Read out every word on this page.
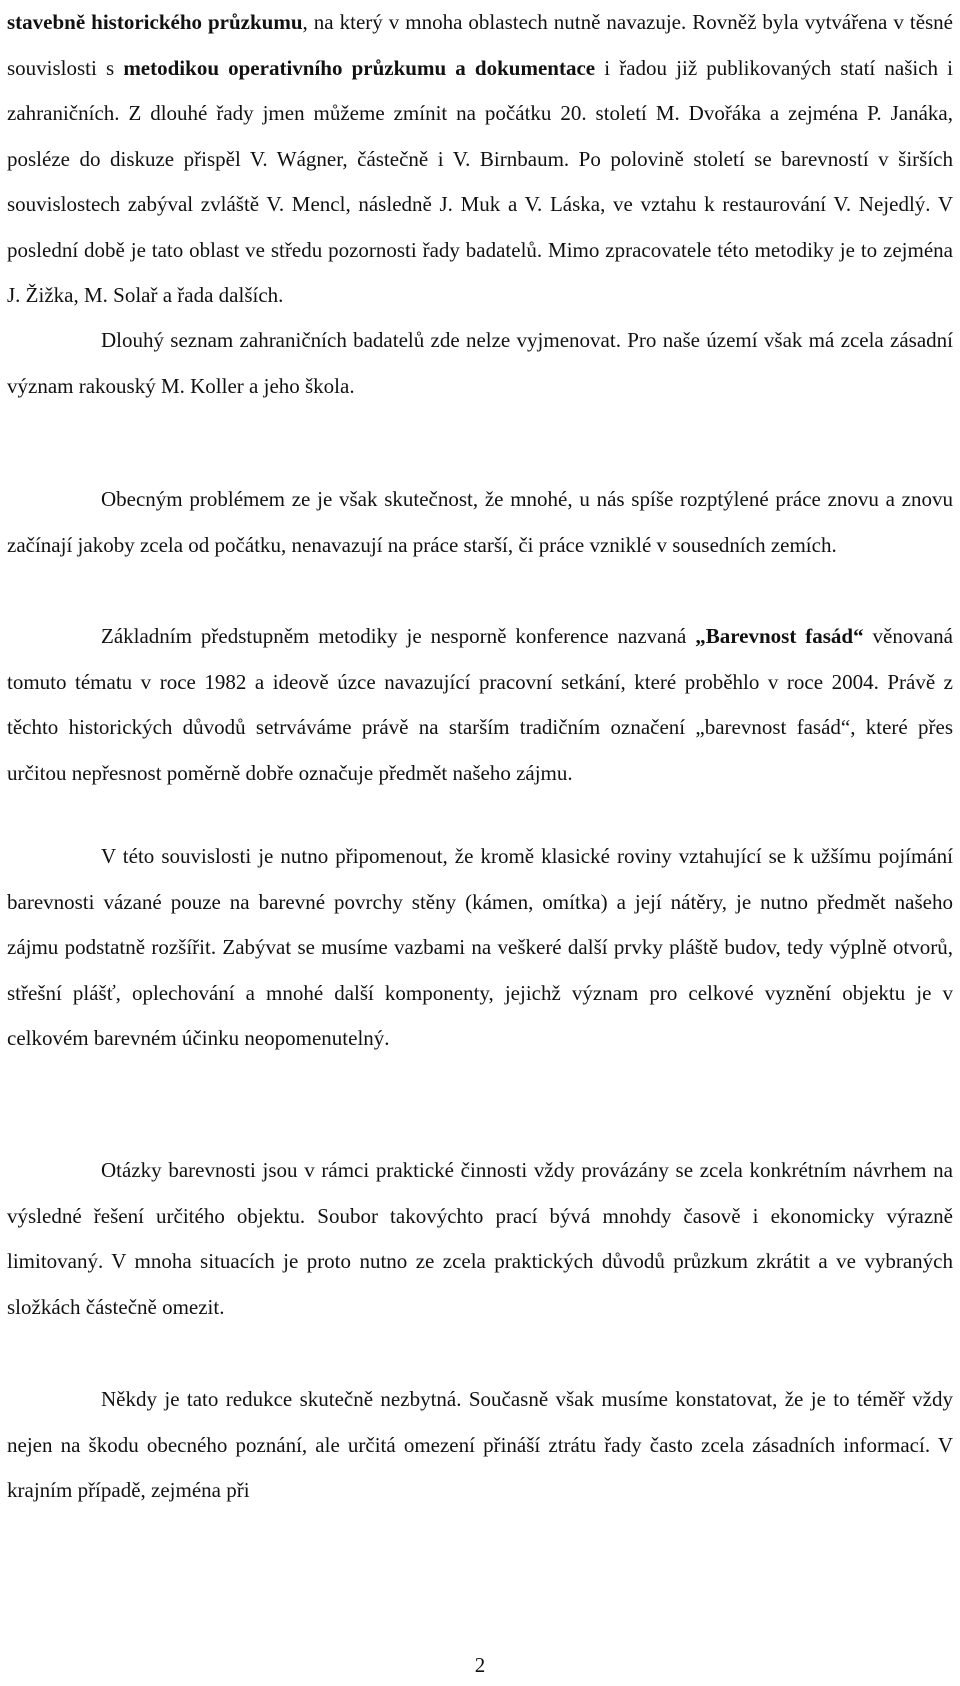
stavebně historického průzkumu, na který v mnoha oblastech nutně navazuje. Rovněž byla vytvářena v těsné souvislosti s metodikou operativního průzkumu a dokumentace i řadou již publikovaných statí našich i zahraničních. Z dlouhé řady jmen můžeme zmínit na počátku 20. století M. Dvořáka a zejména P. Janáka, posléze do diskuze přispěl V. Wágner, částečně i V. Birnbaum. Po polovině století se barevností v širších souvislostech zabýval zvláště V. Mencl, následně J. Muk a V. Láska, ve vztahu k restaurování V. Nejedlý. V poslední době je tato oblast ve středu pozornosti řady badatelů. Mimo zpracovatele této metodiky je to zejména J. Žižka, M. Solař a řada dalších.

Dlouhý seznam zahraničních badatelů zde nelze vyjmenovat. Pro naše území však má zcela zásadní význam rakouský M. Koller a jeho škola.

Obecným problémem ze je však skutečnost, že mnohé, u nás spíše rozptýlené práce znovu a znovu začínají jakoby zcela od počátku, nenavazují na práce starší, či práce vzniklé v sousedních zemích.

Základním předstupněm metodiky je nesporně konference nazvaná „Barevnost fasád“ věnovaná tomuto tématu v roce 1982 a ideově úzce navazující pracovní setkání, které proběhlo v roce 2004. Právě z těchto historických důvodů setrváváme právě na starším tradičním označení „barevnost fasád“, které přes určitou nepřesnost poměrně dobře označuje předmět našeho zájmu.

V této souvislosti je nutno připomenout, že kromě klasické roviny vztahující se k užšímu pojímání barevnosti vázané pouze na barevné povrchy stěny (kámen, omítka) a její nátěry, je nutno předmět našeho zájmu podstatně rozšířit. Zabývat se musíme vazbami na veškeré další prvky pláště budov, tedy výplně otvorů, střešní plášť, oplechování a mnohé další komponenty, jejichž význam pro celkové vyznění objektu je v celkovém barevném účinku neopomenutelný.

Otázky barevnosti jsou v rámci praktické činnosti vždy provázány se zcela konkrétním návrhem na výsledné řešení určitého objektu. Soubor takovýchto prací bývá mnohdy časově i ekonomicky výrazně limitovaný. V mnoha situacích je proto nutno ze zcela praktických důvodů průzkum zkrátit a ve vybraných složkách částečně omezit.

Někdy je tato redukce skutečně nezbytná. Současně však musíme konstatovat, že je to téměř vždy nejen na škodu obecného poznání, ale určitá omezení přináší ztrátu řady často zcela zásadních informací. V krajním případě, zejména při

2
